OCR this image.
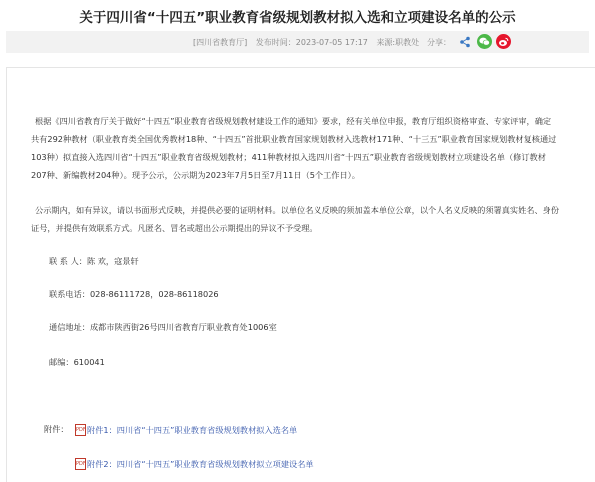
关于四川省“十四五”职业教育省级规划教材拟入选和立项建设名单的公示
[四川省教育厅] 发布时间：2023-07-05 17:17 来源:职教处 分享：
根据《四川省教育厅关于做好“十四五”职业教育省级规划教材建设工作的通知》要求，经有关单位申报，教育厅组织资格审查、专家评审，确定
共有292种教材（职业教育类全国优秀教材18种、“十四五”首批职业教育国家规划教材入选教材171种、“十三五”职业教育国家规划教材复核通过
103种）拟直接入选四川省“十四五”职业教育省级规划教材；411种教材拟入选四川省“十四五”职业教育省级规划教材立项建设名单（修订教材
207种、新编教材204种）。现予公示，公示期为2023年7月5日至7月11日（5个工作日）。
公示期内，如有异议，请以书面形式反映，并提供必要的证明材料。以单位名义反映的须加盖本单位公章，以个人名义反映的须署真实姓名、身份
证号，并提供有效联系方式。凡匿名、冒名或超出公示期提出的异议不予受理。
联 系 人：陈 欢，寇景轩
联系电话：028-86111728，028-86118026
通信地址：成都市陕西街26号四川省教育厅职业教育处1006室
邮编：610041
附件： PDF 附件1：四川省“十四五”职业教育省级规划教材拟入选名单
PDF 附件2：四川省“十四五”职业教育省级规划教材拟立项建设名单
